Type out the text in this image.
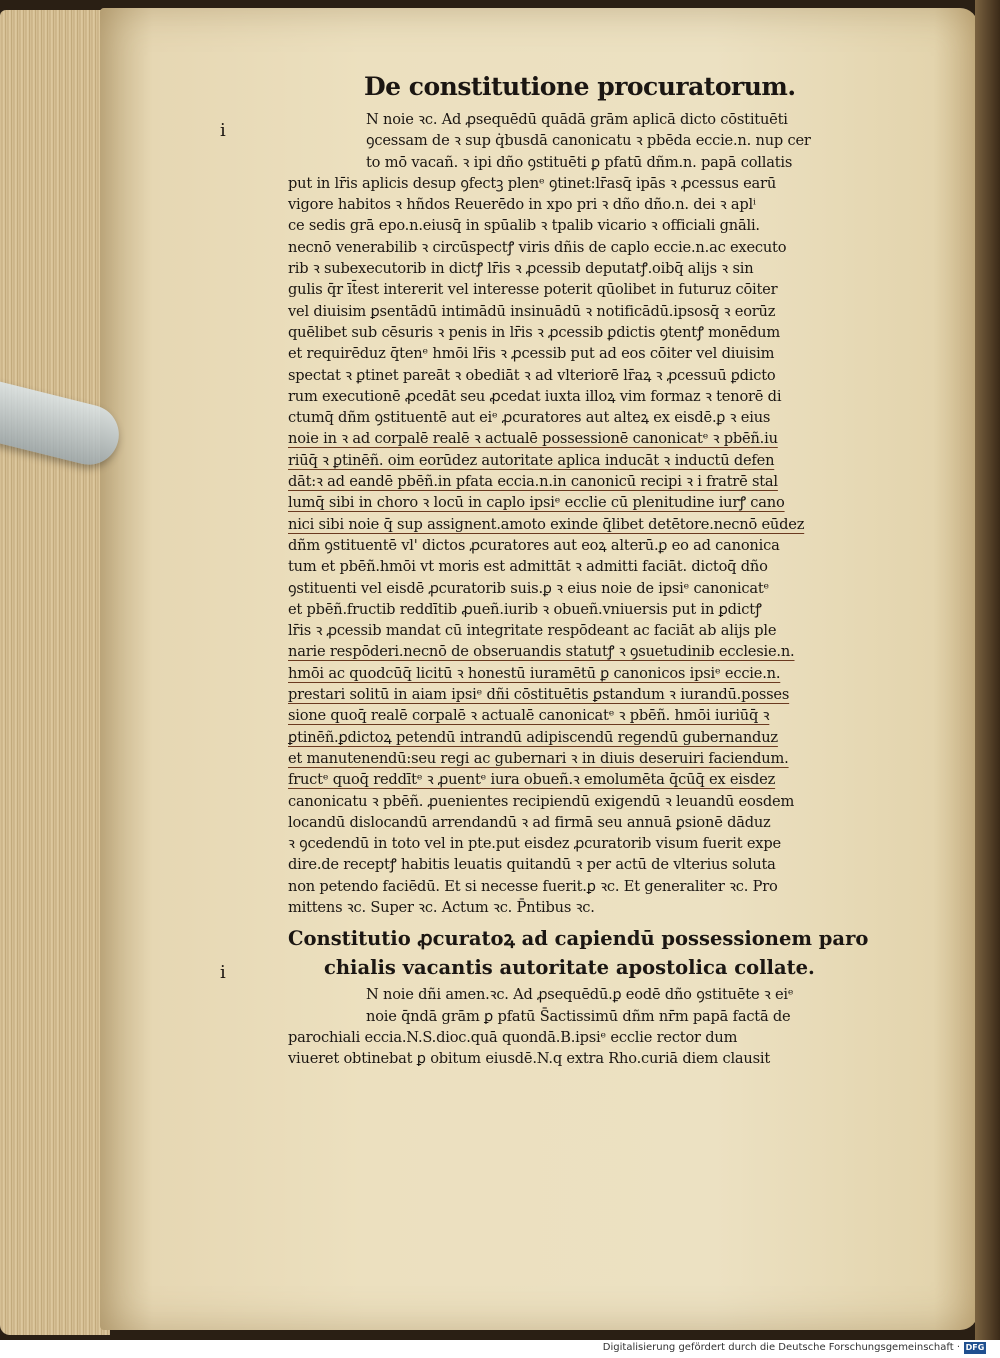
i
i
De constitutione procuratorum.

N noie ꝛc. Ad ꝓsequēdū quādā grām aplicā dicto cōstituēti

ꝯcessam de ꝛ sup q̇busdā canonicatu ꝛ pbēda eccie.n. nup cer

to mō vacañ. ꝛ ipi dño ꝯstituēti ꝑ pfatū dñm.n. papā collatis

put in lr̄is aplicis desup ꝯfectꝫ plenᵉ ꝯtinet:lr̄asq̄ ipās ꝛ ꝓcessus earū

vigore habitos ꝛ hñdos Reuerēdo in xpo pri ꝛ dño dño.n. dei ꝛ aplⁱ

ce sedis grā epo.n.eiusq̄ in spūalib ꝛ tpalib vicario ꝛ officiali gnāli.

necnō venerabilib ꝛ circūspectꝭ viris dñis de caplo eccie.n.ac executo

rib ꝛ subexecutorib in dictꝭ lr̄is ꝛ ꝓcessib deputatꝭ.oibq̄ alijs ꝛ sin

gulis q̄r īt̄est intererit vel interesse poterit qūolibet in futuruz cōiter

vel diuisim ꝑsentādū intimādū insinuādū ꝛ notificādū.ipsosq̄ ꝛ eorūz

quēlibet sub cēsuris ꝛ penis in lr̄is ꝛ ꝓcessib ꝑdictis ꝯtentꝭ monēdum

et requirēduz q̄tenᵉ hmōi lr̄is ꝛ ꝓcessib put ad eos cōiter vel diuisim

spectat ꝛ ꝑtinet pareāt ꝛ obediāt ꝛ ad vlteriorē lr̄aꝝ ꝛ ꝓcessuū ꝑdicto

rum executionē ꝓcedāt seu ꝓcedat iuxta illoꝝ vim formaz ꝛ tenorē di

ctumq̄ dñm ꝯstituentē aut eiᵉ ꝓcuratores aut alteꝝ ex eisdē.ꝑ ꝛ eius

noie in ꝛ ad corpalē realē ꝛ actualē possessionē canonicatᵉ ꝛ pbēñ.iu

riūq̄ ꝛ ꝑtinēñ. oim eorūdez autoritate aplica inducāt ꝛ inductū defen

dāt:ꝛ ad eandē pbēñ.in pfata eccia.n.in canonicū recipi ꝛ i fratrē stal

lumq̄ sibi in choro ꝛ locū in caplo ipsiᵉ ecclie cū plenitudine iurꝭ cano

nici sibi noie q̄ sup assignent.amoto exinde q̄libet detētore.necnō eūdez

dñm ꝯstituentē vl' dictos ꝓcuratores aut eoꝝ alterū.ꝑ eo ad canonica

tum et pbēñ.hmōi vt moris est admittāt ꝛ admitti faciāt. dictoq̄ dño

ꝯstituenti vel eisdē ꝓcuratorib suis.ꝑ ꝛ eius noie de ipsiᵉ canonicatᵉ

et pbēñ.fructib reddītib ꝓueñ.iurib ꝛ obueñ.vniuersis put in ꝑdictꝭ

lr̄is ꝛ ꝓcessib mandat cū integritate respōdeant ac faciāt ab alijs ple

narie respōderi.necnō de obseruandis statutꝭ ꝛ ꝯsuetudinib ecclesie.n.

hmōi ac quodcūq̄ licitū ꝛ honestū iuramētū ꝑ canonicos ipsiᵉ eccie.n.

prestari solitū in aiam ipsiᵉ dñi cōstituētis ꝑstandum ꝛ iurandū.posses

sione quoq̄ realē corpalē ꝛ actualē canonicatᵉ ꝛ pbēñ. hmōi iuriūq̄ ꝛ

ꝑtinēñ.ꝑdictoꝝ petendū intrandū adipiscendū regendū gubernanduz

et manutenendū:seu regi ac gubernari ꝛ in diuis deseruiri faciendum.

fructᵉ quoq̄ reddītᵉ ꝛ ꝓuentᵉ iura obueñ.ꝛ emolumēta q̄cūq̄ ex eisdez

canonicatu ꝛ pbēñ. ꝓuenientes recipiendū exigendū ꝛ leuandū eosdem

locandū dislocandū arrendandū ꝛ ad firmā seu annuā ꝑsionē dāduz

ꝛ ꝯcedendū in toto vel in pte.put eisdez ꝓcuratorib visum fuerit expe

dire.de receptꝭ habitis leuatis quitandū ꝛ per actū de vlterius soluta

non petendo faciēdū. Et si necesse fuerit.ꝑ ꝛc. Et generaliter ꝛc. Pro

mittens ꝛc. Super ꝛc. Actum ꝛc. P̄ntibus ꝛc.

Constitutio ꝓcuratoꝝ ad capiendū possessionem paro
chialis vacantis autoritate apostolica collate.

N noie dñi amen.ꝛc. Ad ꝓsequēdū.ꝑ eodē dño ꝯstituēte ꝛ eiᵉ

noie q̄ndā grām ꝑ pfatū S̄actissimū dñm nr̄m papā factā de

parochiali eccia.N.S.dioc.quā quondā.B.ipsiᵉ ecclie rector dum

viueret obtinebat ꝑ obitum eiusdē.N.q extra Rho.curiā diem clausit

Digitalisierung gefördert durch die Deutsche Forschungsgemeinschaft · DFG
